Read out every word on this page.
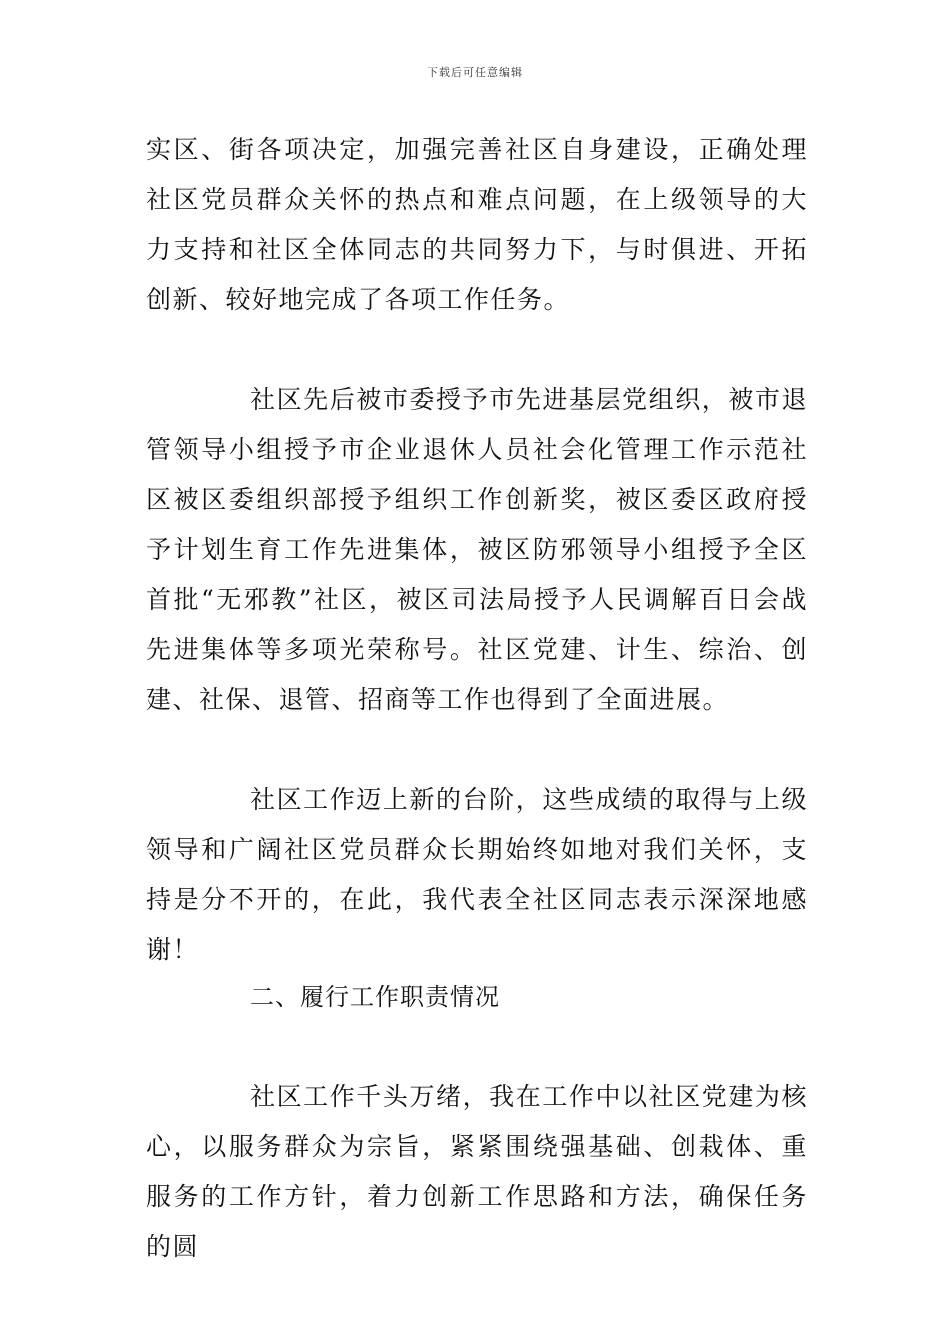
下载后可任意编辑

实区、街各项决定，加强完善社区自身建设，正确处理社区党员群众关怀的热点和难点问题，在上级领导的大力支持和社区全体同志的共同努力下，与时俱进、开拓创新、较好地完成了各项工作任务。

社区先后被市委授予市先进基层党组织，被市退管领导小组授予市企业退休人员社会化管理工作示范社区被区委组织部授予组织工作创新奖，被区委区政府授予计划生育工作先进集体，被区防邪领导小组授予全区首批“无邪教”社区，被区司法局授予人民调解百日会战先进集体等多项光荣称号。社区党建、计生、综治、创建、社保、退管、招商等工作也得到了全面进展。

社区工作迈上新的台阶，这些成绩的取得与上级领导和广阔社区党员群众长期始终如地对我们关怀，支持是分不开的，在此，我代表全社区同志表示深深地感谢！

二、履行工作职责情况

社区工作千头万绪，我在工作中以社区党建为核心，以服务群众为宗旨，紧紧围绕强基础、创栽体、重服务的工作方针，着力创新工作思路和方法，确保任务的圆
